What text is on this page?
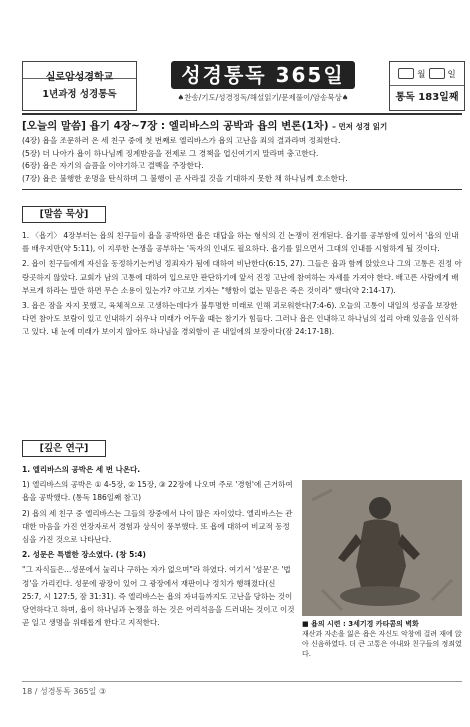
실로암성경학교
1년과정 성경통독
성경통독 365일
♠찬송/기도/성경정독/해설읽기/문제풀이/암송묵상♠
월	일
통독 183일째
[오늘의 말씀] 욥기 4장~7장 : 엘리바스의 공박과 욥의 변론(1차) – 먼저 성경 읽기
(4장) 욥을 조문하러 온 세 친구 중에 첫 번째로 엘리바스가 욥의 고난을 죄의 결과라며 정죄한다.
(5장) 더 나아가 욥이 하나님께 징계받음을 전제로 그 경책을 업신여기지 말라며 충고한다.
(6장) 욥은 자기의 슬픔을 이야기하고 결백을 주장한다.
(7장) 욥은 불행한 운명을 탄식하며 그 불행이 곧 사라질 것을 기대하지 못한 채 하나님께 호소한다.
[말씀 묵상]

1. 〈욥기〉 4장부터는 욥의 친구들이 욥을 공박하면 욥은 대답을 하는 형식의 긴 논쟁이 전개된다. 욥기를 공부함에 있어서 '욥의 인내를 배우지만(약 5:11), 이 지루한 논쟁을 공부하는 '독자의 인내도 필요하다. 욥기를 읽으면서 그대의 인내를 시험하게 될 것이다.

2. 욥이 친구들에게 자신을 동정하기는커녕 정죄자가 됨에 대하여 비난한다(6:15, 27). 그들은 욥과 함께 앉았으나 그의 고통은 진정 아랑곳하지 않았다. 교회가 남의 고통에 대하여 입으로만 판단하기에 앞서 진정 고난에 참여하는 자세를 가져야 한다. 배고픈 사람에게 배부르게 하라는 말만 하면 무슨 소용이 있는가? 야고보 기자는 "행함이 없는 믿음은 죽은 것이라" 했다(약 2:14-17).

3. 욥은 잠을 자지 못했고, 육체적으로 고생하는데다가 불투명한 미래로 인해 괴로워한다(7:4-6). 오늘의 고통이 내일의 성공을 보장한다면 참아도 보람이 있고 인내하기 쉬우나 미래가 어두울 때는 참기가 힘들다. 그러나 욥은 인내하고 하나님의 섭리 아래 있음을 인식하고 있다. 내 눈에 미래가 보이지 않아도 하나님을 경외함이 곧 내일에의 보장이다(잠 24:17-18).

[깊은 연구]

1. 엘리바스의 공박은 세 번 나온다.

1) 엘리바스의 공박은 ① 4-5장, ② 15장, ③ 22장에 나오며 주로 '경험'에 근거하여 욥을 공박했다. (통독 186일째 참고)

2) 욥의 세 친구 중 엘리바스는 그들의 장중에서 나이 많은 자이었다. 엘리바스는 관대한 마음을 가진 연장자로서 경험과 상식이 풍부했다. 또 욥에 대하여 비교적 동정심을 가진 것으로 나타난다.

2. 성문은 특별한 장소였다. (창 5:4)

"그 자식들은...성문에서 눌리나 구하는 자가 없으며"라 하였다. 여기서 '성문'은 '법정'을 가리킨다. 성문에 광장이 있어 그 광장에서 재판이나 정치가 행해졌다(신 25:7, 시 127:5, 잠 31:31). 즉 엘리바스는 욥의 자녀들까지도 고난을 당하는 것이 당연하다고 하며, 욥이 하나님과 논쟁을 하는 것은 어리석음을 드러내는 것이고 이것 곧 일고 생명을 위태롭게 한다고 지적한다.	■ 욥의 시련 : 3세기경 카타콤의 벽화
재산과 자손을 잃은 욥은 자신도 악창에 걸려 재에 앉아 신음하였다. 더 큰 고통은 아내와 친구들의 정죄였다.
18 / 성경통독 365일 ③
